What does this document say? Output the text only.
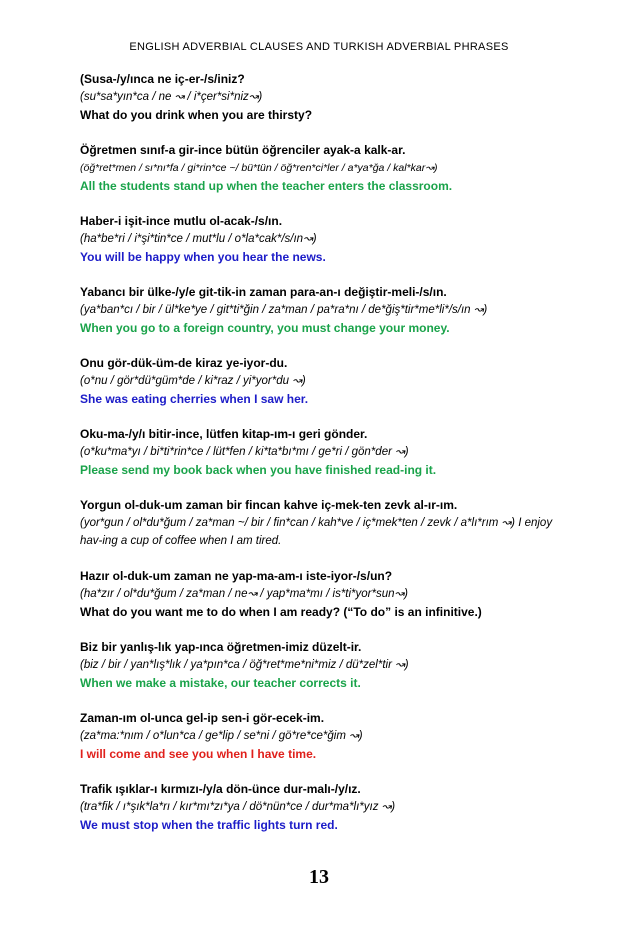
ENGLISH ADVERBIAL CLAUSES AND TURKISH ADVERBIAL PHRASES
(Susa-/y/ınca ne iç-er-/s/iniz?
(su*sa*yın*ca / ne ↝ / i*çer*si*niz↝)
What do you drink when you are thirsty?
Öğretmen sınıf-a gir-ince bütün öğrenciler ayak-a kalk-ar.
(öğ*ret*men / sı*nı*fa / gi*rin*ce ~/ bü*tün / öğ*ren*ci*ler / a*ya*ğa / kal*kar↝)
All the students stand up when the teacher enters the classroom.
Haber-i işit-ince mutlu ol-acak-/s/ın.
(ha*be*ri / i*şi*tin*ce / mut*lu / o*la*cak*/s/ın↝)
You will be happy when you hear the news.
Yabancı bir ülke-/y/e git-tik-in zaman para-an-ı değiştir-meli-/s/ın.
(ya*ban*cı / bir / ül*ke*ye / git*ti*ğin / za*man / pa*ra*nı / de*ğiş*tir*me*li*/s/ın ↝)
When you go to a foreign country, you must change your money.
Onu gör-dük-üm-de kiraz ye-iyor-du.
(o*nu / gör*dü*güm*de / ki*raz / yi*yor*du ↝)
She was eating cherries when I saw her.
Oku-ma-/y/ı bitir-ince, lütfen kitap-ım-ı geri gönder.
(o*ku*ma*yı / bi*ti*rin*ce / lüt*fen / ki*ta*bı*mı / ge*ri / gön*der ↝)
Please send my book back when you have finished read-ing it.
Yorgun ol-duk-um zaman bir fincan kahve iç-mek-ten zevk al-ır-ım.
(yor*gun / ol*du*ğum / za*man ~/ bir / fin*can / kah*ve / iç*mek*ten / zevk / a*lı*rım ↝) I enjoy hav-ing a cup of coffee when I am tired.
Hazır ol-duk-um zaman ne yap-ma-am-ı iste-iyor-/s/un?
(ha*zır / ol*du*ğum / za*man / ne↝ / yap*ma*mı / is*ti*yor*sun↝)
What do you want me to do when I am ready? (“To do” is an infinitive.)
Biz bir yanlış-lık yap-ınca öğretmen-imiz düzelt-ir.
(biz / bir / yan*lış*lık / ya*pın*ca / öğ*ret*me*ni*miz / dü*zel*tir ↝)
When we make a mistake, our teacher corrects it.
Zaman-ım ol-unca gel-ip sen-i gör-ecek-im.
(za*ma:*nım / o*lun*ca / ge*lip / se*ni / gö*re*ce*ğim ↝)
I will come and see you when I have time.
Trafik ışıklar-ı kırmızı-/y/a dön-ünce dur-malı-/y/ız.
(tra*fik / ı*şık*la*rı / kır*mı*zı*ya / dö*nün*ce / dur*ma*lı*yız ↝)
We must stop when the traffic lights turn red.
13
